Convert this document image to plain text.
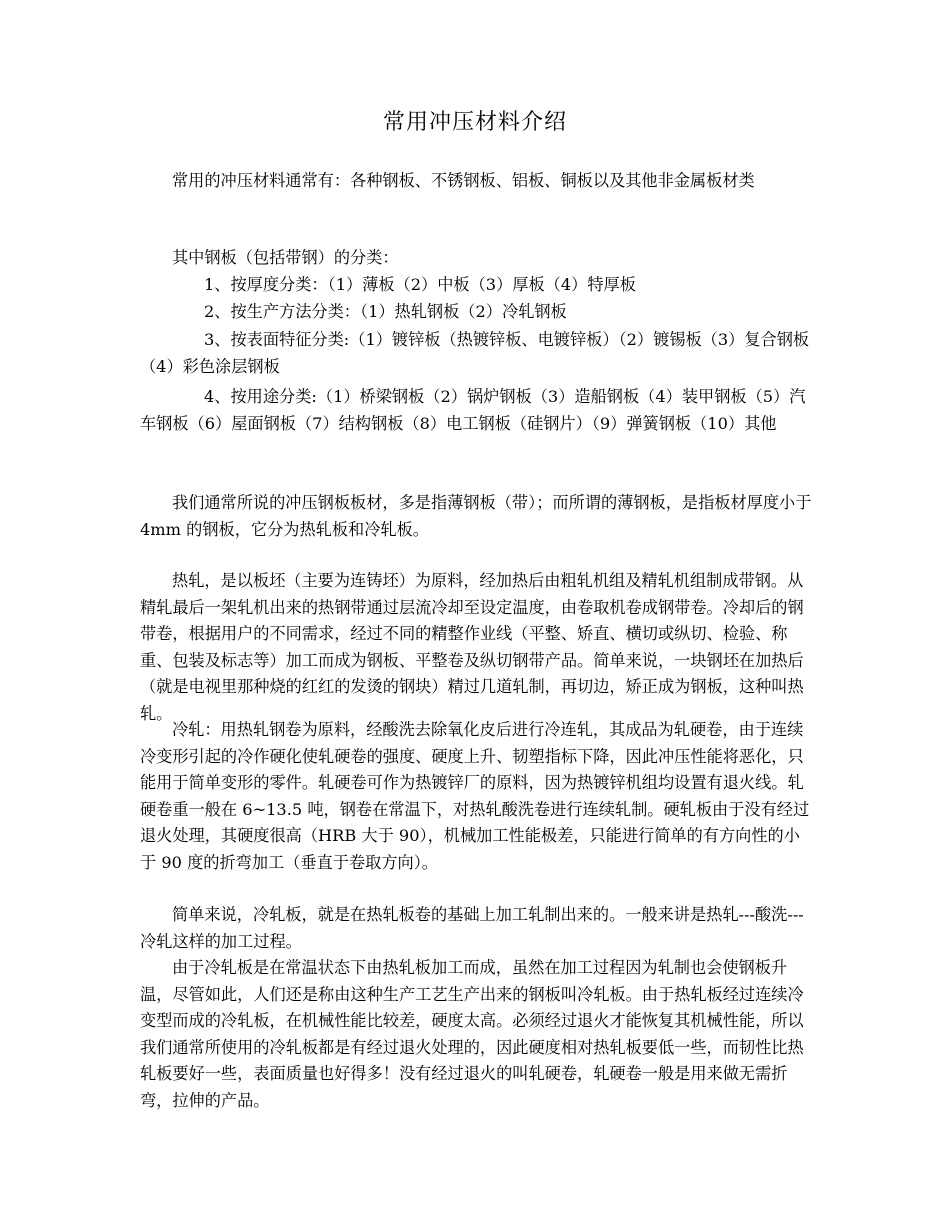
常用冲压材料介绍

常用的冲压材料通常有：各种钢板、不锈钢板、铝板、铜板以及其他非金属板材类

其中钢板（包括带钢）的分类：

1、按厚度分类：（1）薄板（2）中板（3）厚板（4）特厚板

2、按生产方法分类：（1）热轧钢板（2）冷轧钢板

3、按表面特征分类:（1）镀锌板（热镀锌板、电镀锌板）（2）镀锡板（3）复合钢板（4）彩色涂层钢板

4、按用途分类:（1）桥梁钢板（2）锅炉钢板（3）造船钢板（4）装甲钢板（5）汽车钢板（6）屋面钢板（7）结构钢板（8）电工钢板（硅钢片）（9）弹簧钢板（10）其他

我们通常所说的冲压钢板板材，多是指薄钢板（带）；而所谓的薄钢板，是指板材厚度小于 4mm 的钢板，它分为热轧板和冷轧板。

热轧，是以板坯（主要为连铸坯）为原料，经加热后由粗轧机组及精轧机组制成带钢。从精轧最后一架轧机出来的热钢带通过层流冷却至设定温度，由卷取机卷成钢带卷。冷却后的钢带卷，根据用户的不同需求，经过不同的精整作业线（平整、矫直、横切或纵切、检验、称重、包装及标志等）加工而成为钢板、平整卷及纵切钢带产品。简单来说，一块钢坯在加热后（就是电视里那种烧的红红的发烫的钢块）精过几道轧制，再切边，矫正成为钢板，这种叫热轧。

冷轧：用热轧钢卷为原料，经酸洗去除氧化皮后进行冷连轧，其成品为轧硬卷，由于连续冷变形引起的冷作硬化使轧硬卷的强度、硬度上升、韧塑指标下降，因此冲压性能将恶化，只能用于简单变形的零件。轧硬卷可作为热镀锌厂的原料，因为热镀锌机组均设置有退火线。轧硬卷重一般在 6~13.5 吨，钢卷在常温下，对热轧酸洗卷进行连续轧制。硬轧板由于没有经过退火处理，其硬度很高（HRB 大于 90），机械加工性能极差，只能进行简单的有方向性的小于 90 度的折弯加工（垂直于卷取方向）。

简单来说，冷轧板，就是在热轧板卷的基础上加工轧制出来的。一般来讲是热轧---酸洗---冷轧这样的加工过程。

由于冷轧板是在常温状态下由热轧板加工而成，虽然在加工过程因为轧制也会使钢板升温，尽管如此，人们还是称由这种生产工艺生产出来的钢板叫冷轧板。由于热轧板经过连续冷变型而成的冷轧板，在机械性能比较差，硬度太高。必须经过退火才能恢复其机械性能，所以我们通常所使用的冷轧板都是有经过退火处理的，因此硬度相对热轧板要低一些，而韧性比热轧板要好一些，表面质量也好得多！没有经过退火的叫轧硬卷，轧硬卷一般是用来做无需折弯，拉伸的产品。
